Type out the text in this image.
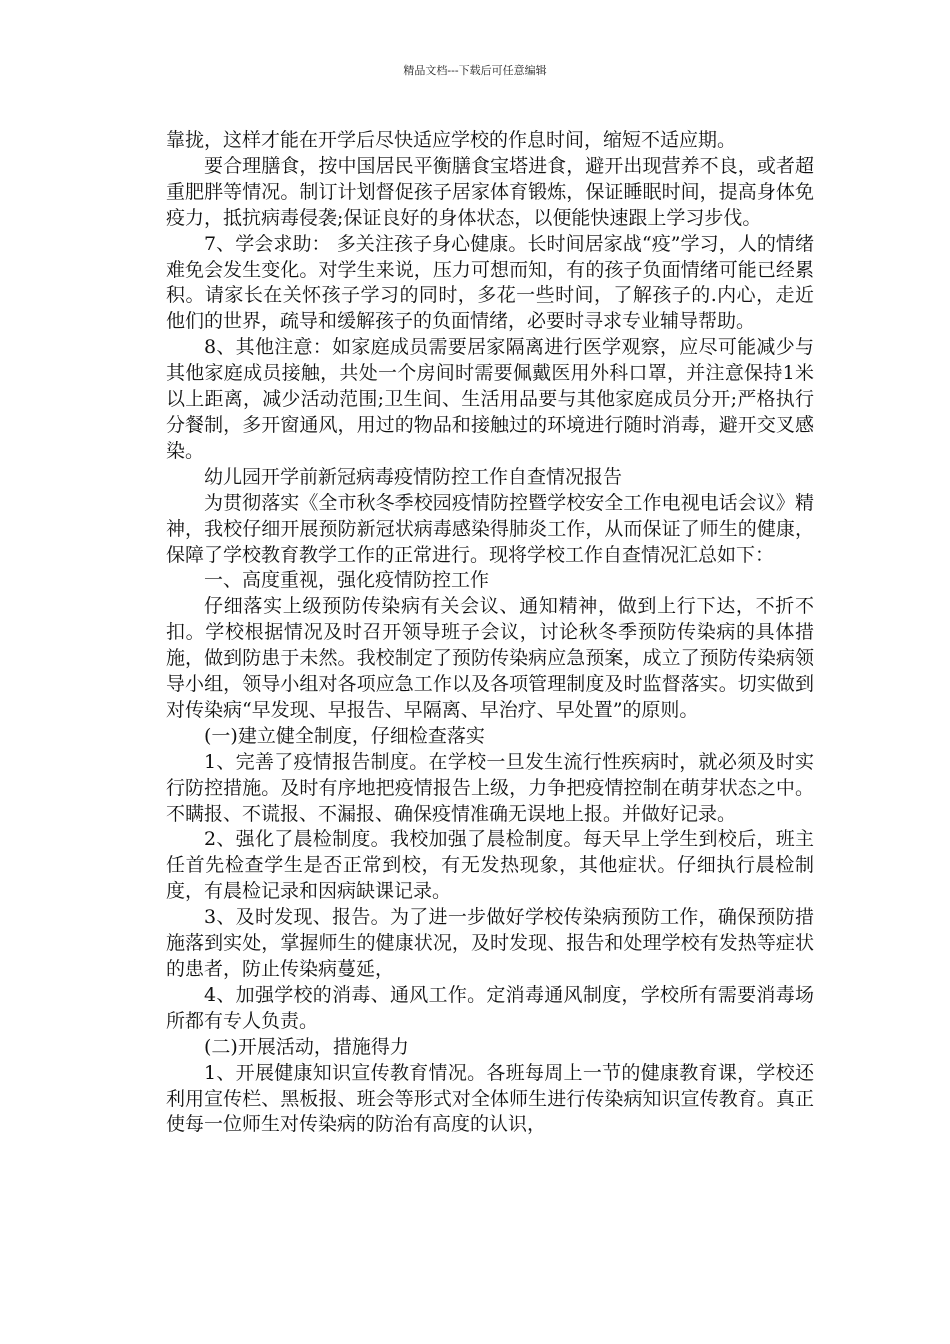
精品文档---下载后可任意编辑

靠拢，这样才能在开学后尽快适应学校的作息时间，缩短不适应期。

要合理膳食，按中国居民平衡膳食宝塔进食，避开出现营养不良，或者超重肥胖等情况。制订计划督促孩子居家体育锻炼，保证睡眠时间，提高身体免疫力，抵抗病毒侵袭;保证良好的身体状态，以便能快速跟上学习步伐。

7、学会求助： 多关注孩子身心健康。长时间居家战“疫”学习，人的情绪难免会发生变化。对学生来说，压力可想而知，有的孩子负面情绪可能已经累积。请家长在关怀孩子学习的同时，多花一些时间，了解孩子的.内心，走近他们的世界，疏导和缓解孩子的负面情绪，必要时寻求专业辅导帮助。

8、其他注意：如家庭成员需要居家隔离进行医学观察，应尽可能减少与其他家庭成员接触，共处一个房间时需要佩戴医用外科口罩，并注意保持1米以上距离，减少活动范围;卫生间、生活用品要与其他家庭成员分开;严格执行分餐制，多开窗通风，用过的物品和接触过的环境进行随时消毒，避开交叉感染。

幼儿园开学前新冠病毒疫情防控工作自查情况报告

为贯彻落实《全市秋冬季校园疫情防控暨学校安全工作电视电话会议》精神，我校仔细开展预防新冠状病毒感染得肺炎工作，从而保证了师生的健康，保障了学校教育教学工作的正常进行。现将学校工作自查情况汇总如下：

一、高度重视，强化疫情防控工作

仔细落实上级预防传染病有关会议、通知精神，做到上行下达，不折不扣。学校根据情况及时召开领导班子会议，讨论秋冬季预防传染病的具体措施，做到防患于未然。我校制定了预防传染病应急预案，成立了预防传染病领导小组，领导小组对各项应急工作以及各项管理制度及时监督落实。切实做到对传染病“早发现、早报告、早隔离、早治疗、早处置”的原则。

(一)建立健全制度，仔细检查落实

1、完善了疫情报告制度。在学校一旦发生流行性疾病时，就必须及时实行防控措施。及时有序地把疫情报告上级，力争把疫情控制在萌芽状态之中。不瞒报、不谎报、不漏报、确保疫情准确无误地上报。并做好记录。

2、强化了晨检制度。我校加强了晨检制度。每天早上学生到校后，班主任首先检查学生是否正常到校，有无发热现象，其他症状。仔细执行晨检制度，有晨检记录和因病缺课记录。

3、及时发现、报告。为了进一步做好学校传染病预防工作，确保预防措施落到实处，掌握师生的健康状况，及时发现、报告和处理学校有发热等症状的患者，防止传染病蔓延，

4、加强学校的消毒、通风工作。定消毒通风制度，学校所有需要消毒场所都有专人负责。

(二)开展活动，措施得力

1、开展健康知识宣传教育情况。各班每周上一节的健康教育课，学校还利用宣传栏、黑板报、班会等形式对全体师生进行传染病知识宣传教育。真正使每一位师生对传染病的防治有高度的认识，
